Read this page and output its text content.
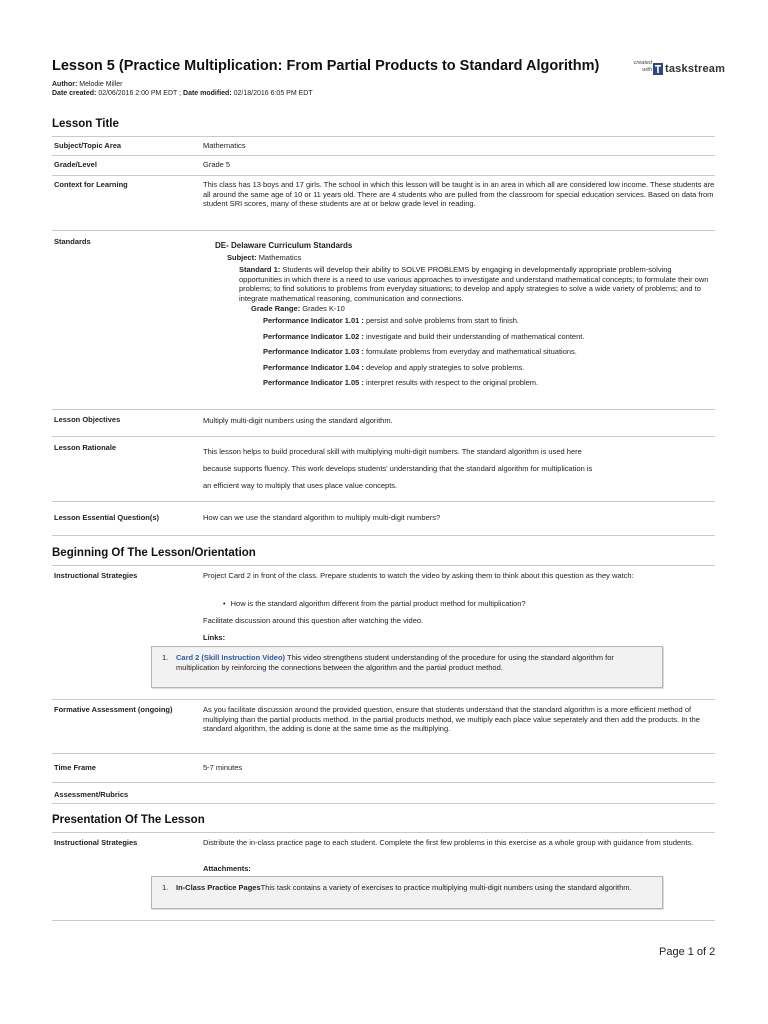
Lesson 5 (Practice Multiplication: From Partial Products to Standard Algorithm)	created
with taskstream
Author: Melodie Miller
Date created: 02/06/2016 2:00 PM EDT ; Date modified: 02/18/2016 6:05 PM EDT
Lesson Title
Subject/Topic Area	Mathematics
Grade/Level	Grade 5
Context for Learning	This class has 13 boys and 17 girls. The school in which this lesson will be taught is in an area in which all are considered low income. These students are all around the same age of 10 or 11 years old. There are 4 students who are pulled from the classroom for special education services. Based on data from student SRI scores, many of these students are at or below grade level in reading.
Standards	DE- Delaware Curriculum Standards
Subject: Mathematics
Standard 1: Students will develop their ability to SOLVE PROBLEMS by engaging in developmentally appropriate problem-solving opportunities in which there is a need to use various approaches to investigate and understand mathematical concepts; to formulate their own problems; to find solutions to problems from everyday situations; to develop and apply strategies to solve a wide variety of problems; and to integrate mathematical reasoning, communication and connections.
Grade Range: Grades K-10
Performance Indicator 1.01 : persist and solve problems from start to finish.
Performance Indicator 1.02 : investigate and build their understanding of mathematical content.
Performance Indicator 1.03 : formulate problems from everyday and mathematical situations.
Performance Indicator 1.04 : develop and apply strategies to solve problems.
Performance Indicator 1.05 : interpret results with respect to the original problem.
Lesson Objectives	Multiply multi-digit numbers using the standard algorithm.
Lesson Rationale	This lesson helps to build procedural skill with multiplying multi-digit numbers. The standard algorithm is used here
because supports fluency. This work develops students' understanding that the standard algorithm for multiplication is
an efficient way to multiply that uses place value concepts.
Lesson Essential Question(s)	How can we use the standard algorithm to multiply multi-digit numbers?
Beginning Of The Lesson/Orientation
Instructional Strategies	Project Card 2 in front of the class. Prepare students to watch the video by asking them to think about this question as they watch:
• How is the standard algorithm different from the partial product method for multiplication?
Facilitate discussion around this question after watching the video.
Links:
1. Card 2 (Skill Instruction Video) This video strengthens student understanding of the procedure for using the standard algorithm for multiplication by reinforcing the connections between the algorithm and the partial product method.
Formative Assessment (ongoing)	As you facilitate discussion around the provided question, ensure that students understand that the standard algorithm is a more efficient method of multiplying than the partial products method. In the partial products method, we multiply each place value seperately and then add the products. In the standard algorithm, the adding is done at the same time as the multiplying.
Time Frame	5-7 minutes
Assessment/Rubrics
Presentation Of The Lesson
Instructional Strategies	Distribute the in-class practice page to each student. Complete the first few problems in this exercise as a whole group with guidance from students.
Attachments:
1. In-Class Practice PagesThis task contains a variety of exercises to practice multiplying multi-digit numbers using the standard algorithm.
Page 1 of 2
